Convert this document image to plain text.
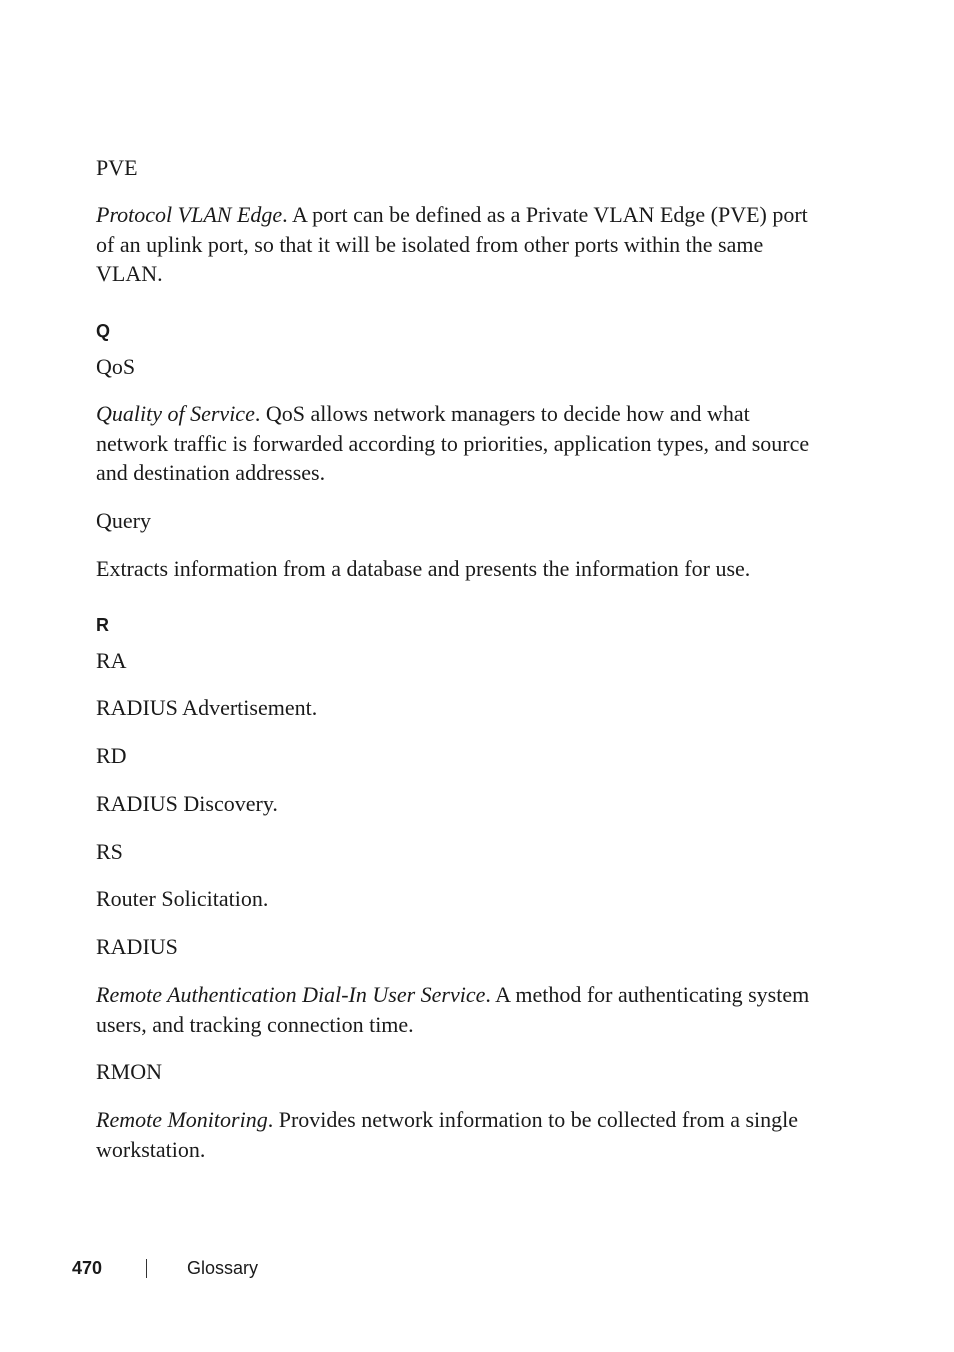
PVE
Protocol VLAN Edge. A port can be defined as a Private VLAN Edge (PVE) port of an uplink port, so that it will be isolated from other ports within the same VLAN.
Q
QoS
Quality of Service. QoS allows network managers to decide how and what network traffic is forwarded according to priorities, application types, and source and destination addresses.
Query
Extracts information from a database and presents the information for use.
R
RA
RADIUS Advertisement.
RD
RADIUS Discovery.
RS
Router Solicitation.
RADIUS
Remote Authentication Dial-In User Service. A method for authenticating system users, and tracking connection time.
RMON
Remote Monitoring. Provides network information to be collected from a single workstation.
470	Glossary
